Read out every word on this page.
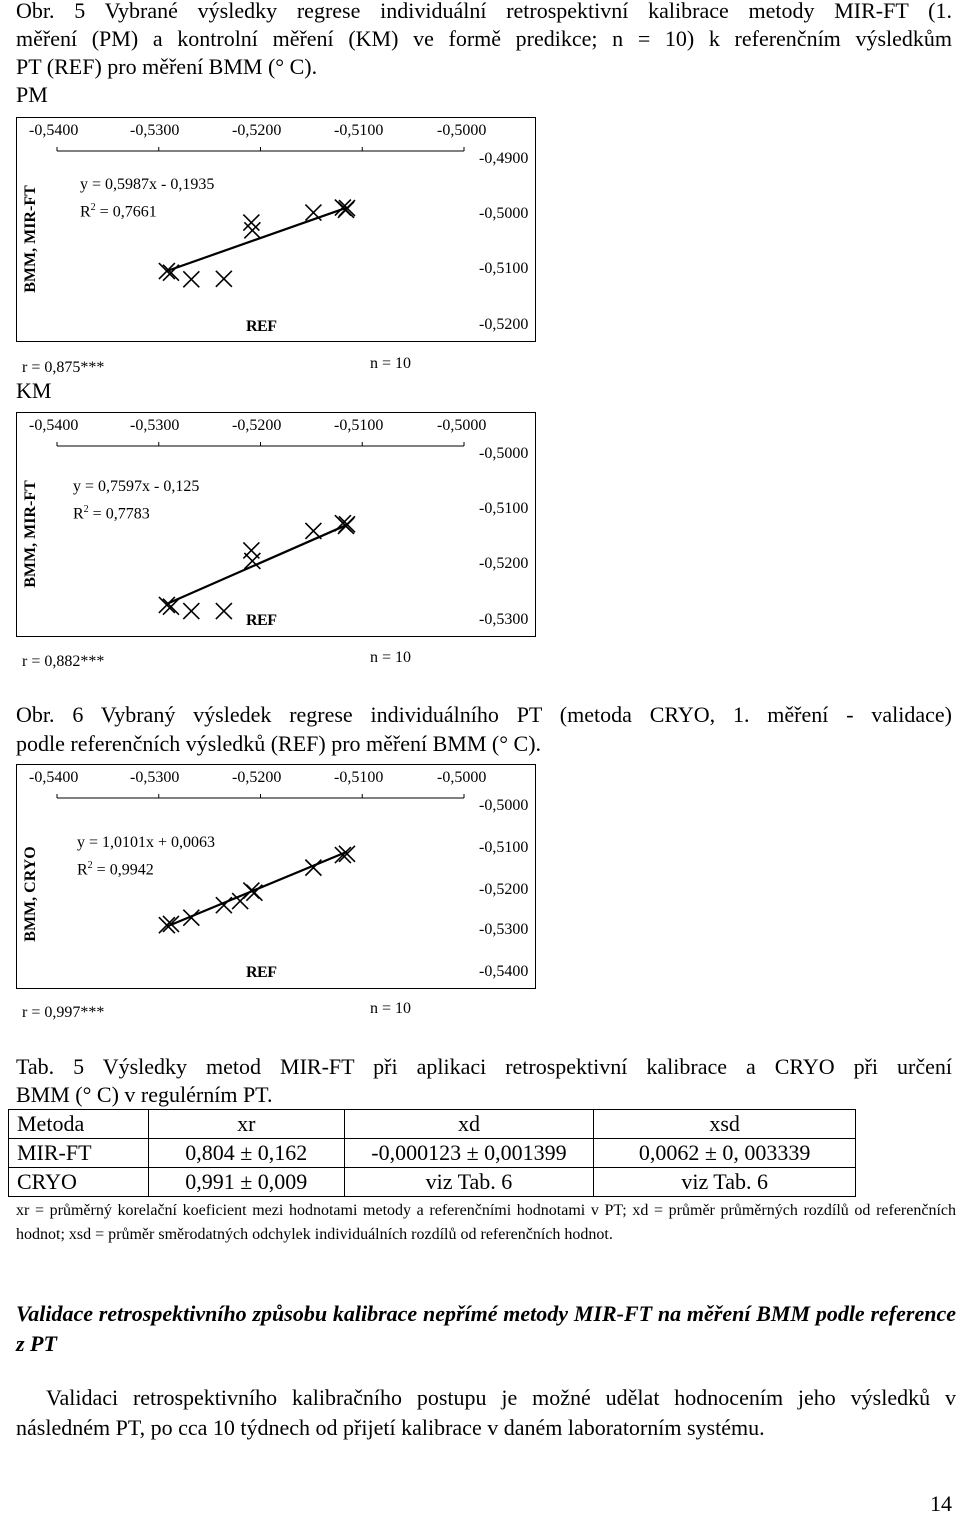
Obr. 5 Vybrané výsledky regrese individuální retrospektivní kalibrace metody MIR-FT (1.
měření (PM) a kontrolní měření (KM) ve formě predikce; n = 10) k referenčním výsledkům
PT (REF) pro měření BMM (° C).
PM
-0,5400	-0,5300	-0,5200	-0,5100	-0,5000
-0,4900
-0,5000
-0,5100
-0,5200
BMM, MIR-FT
REF
y = 0,5987x - 0,1935
$R^2 = 0,7661$
r = 0,875***	n = 10
KM
-0,5400	-0,5300	-0,5200	-0,5100	-0,5000
-0,5000
-0,5100
-0,5200
-0,5300
BMM, MIR-FT
REF
y = 0,7597x - 0,125
$R^2 = 0,7783$
r = 0,882***	n = 10
Obr. 6 Vybraný výsledek regrese individuálního PT (metoda CRYO, 1. měření - validace)
podle referenčních výsledků (REF) pro měření BMM (° C).
-0,5400	-0,5300	-0,5200	-0,5100	-0,5000
-0,5000
-0,5100
-0,5200
-0,5300
-0,5400
BMM, CRYO
REF
y = 1,0101x + 0,0063
$R^2 = 0,9942$
r = 0,997***	n = 10
Tab. 5 Výsledky metod MIR-FT při aplikaci retrospektivní kalibrace a CRYO při určení
BMM (° C) v regulérním PT.
Metoda	xr	xd	xsd
MIR-FT	0,804 ± 0,162	-0,000123 ± 0,001399	0,0062 ± 0, 003339
CRYO	0,991 ± 0,009	viz Tab. 6	viz Tab. 6
xr = průměrný korelační koeficient mezi hodnotami metody a referenčními hodnotami v PT; xd = průměr průměrných rozdílů od referenčních hodnot; xsd = průměr směrodatných odchylek individuálních rozdílů od referenčních hodnot.
Validace retrospektivního způsobu kalibrace nepřímé metody MIR-FT na měření BMM podle reference z PT
Validaci retrospektivního kalibračního postupu je možné udělat hodnocením jeho výsledků v následném PT, po cca 10 týdnech od přijetí kalibrace v daném laboratorním systému.
14
